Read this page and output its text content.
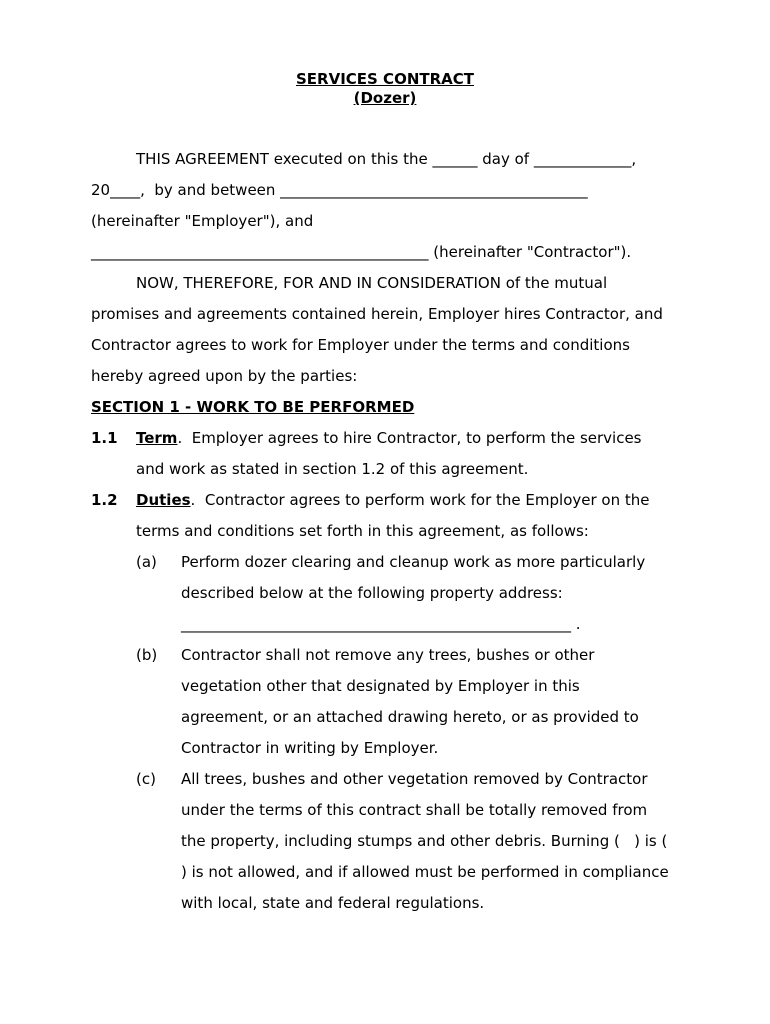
SERVICES CONTRACT
(Dozer)
THIS AGREEMENT executed on this the ______ day of _____________,
20____,  by and between _________________________________________
(hereinafter "Employer"), and
_____________________________________________ (hereinafter "Contractor").
NOW, THEREFORE, FOR AND IN CONSIDERATION of the mutual
promises and agreements contained herein, Employer hires Contractor, and
Contractor agrees to work for Employer under the terms and conditions
hereby agreed upon by the parties:
SECTION 1 - WORK TO BE PERFORMED
1.1 Term.  Employer agrees to hire Contractor, to perform the services
and work as stated in section 1.2 of this agreement.
1.2 Duties.  Contractor agrees to perform work for the Employer on the
terms and conditions set forth in this agreement, as follows:
(a) Perform dozer clearing and cleanup work as more particularly
described below at the following property address:
____________________________________________________ .
(b) Contractor shall not remove any trees, bushes or other
vegetation other that designated by Employer in this
agreement, or an attached drawing hereto, or as provided to
Contractor in writing by Employer.
(c) All trees, bushes and other vegetation removed by Contractor
under the terms of this contract shall be totally removed from
the property, including stumps and other debris. Burning (   ) is (
) is not allowed, and if allowed must be performed in compliance
with local, state and federal regulations.
